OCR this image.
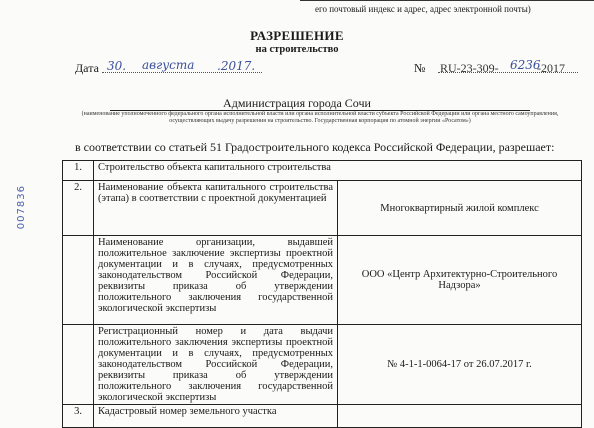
его почтовый индекс и адрес, адрес электронной почты)
РАЗРЕШЕНИЕ
на строительство
Дата 30. августа .2017.	№ RU-23-309- 6236
-2017
Администрация города Сочи
(наименование уполномоченного федерального органа исполнительной власти или органа исполнительной власти субъекта Российской Федерации или органа местного самоуправления, осуществляющих выдачу разрешения на строительство. Государственная корпорация по атомной энергии «Росатом»)
в соответствии со статьей 51 Градостроительного кодекса Российской Федерации, разрешает:
007836
1.	Строительство объекта капитального строительства	
2.	Наименование объекта капитального строительства (этапа) в соответствии с проектной документацией	Многоквартирный жилой комплекс
	Наименование организации, выдавшей положительное заключение экспертизы проектной документации и в случаях, предусмотренных законодательством Российской Федерации, реквизиты приказа об утверждении положительного заключения государственной экологической экспертизы	ООО «Центр Архитектурно-Строительного Надзора»
	Регистрационный номер и дата выдачи положительного заключения экспертизы проектной документации и в случаях, предусмотренных законодательством Российской Федерации, реквизиты приказа об утверждении положительного заключения государственной экологической экспертизы	№ 4-1-1-0064-17 от 26.07.2017 г.
3.	Кадастровый номер земельного участка	
